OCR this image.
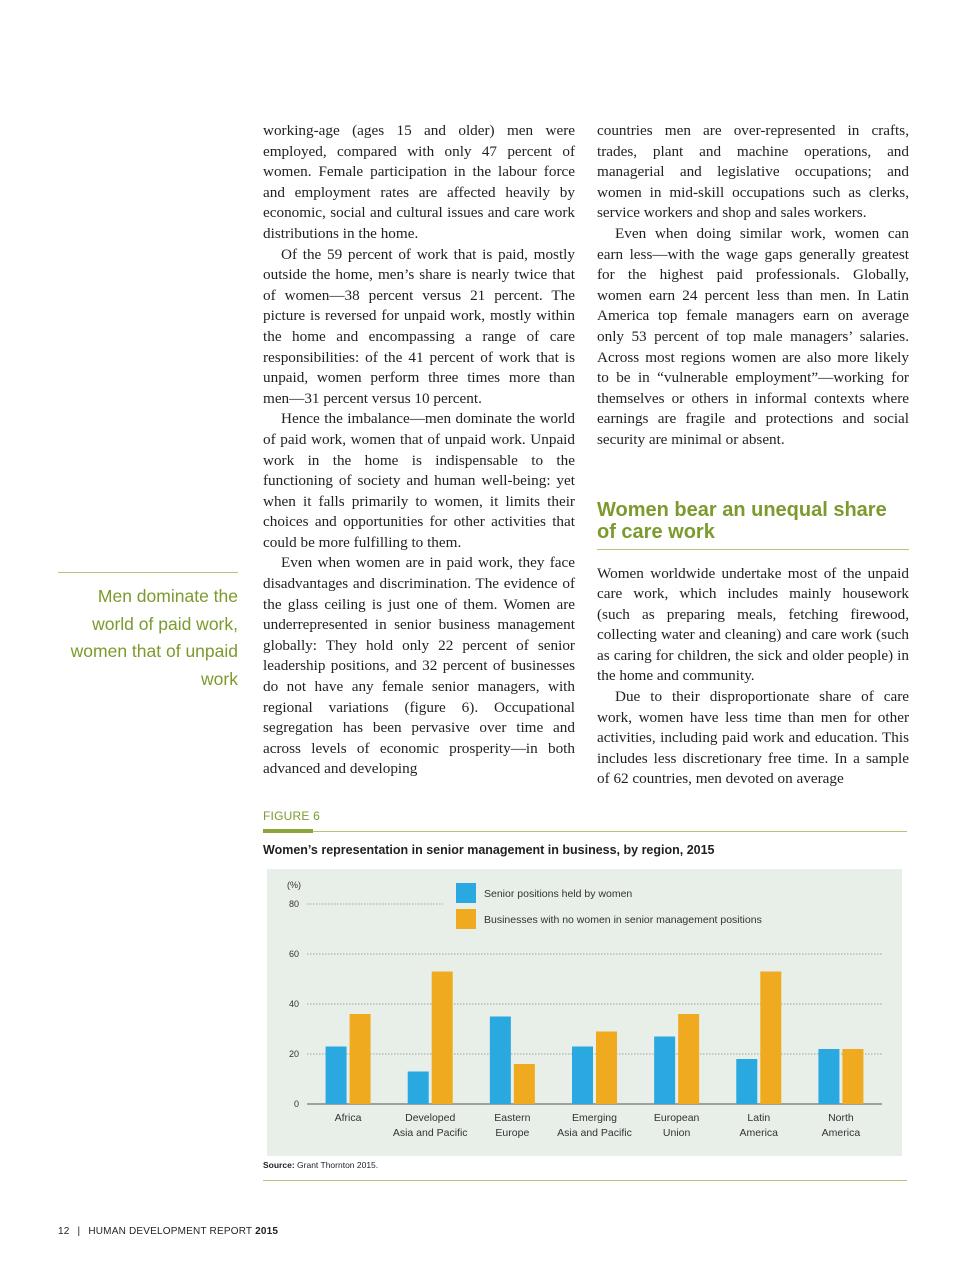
working-age (ages 15 and older) men were employed, compared with only 47 percent of women. Female participation in the labour force and employment rates are affected heavily by economic, social and cultural issues and care work distributions in the home.

Of the 59 percent of work that is paid, mostly outside the home, men’s share is nearly twice that of women—38 percent versus 21 percent. The picture is reversed for unpaid work, mostly within the home and encompassing a range of care responsibilities: of the 41 percent of work that is unpaid, women perform three times more than men—31 percent versus 10 percent.

Hence the imbalance—men dominate the world of paid work, women that of unpaid work. Unpaid work in the home is indispensable to the functioning of society and human well-being: yet when it falls primarily to women, it limits their choices and opportunities for other activities that could be more fulfilling to them.

Even when women are in paid work, they face disadvantages and discrimination. The evidence of the glass ceiling is just one of them. Women are underrepresented in senior business management globally: They hold only 22 percent of senior leadership positions, and 32 percent of businesses do not have any female senior managers, with regional variations (figure 6). Occupational segregation has been pervasive over time and across levels of economic prosperity—in both advanced and developing

countries men are over-represented in crafts, trades, plant and machine operations, and managerial and legislative occupations; and women in mid-skill occupations such as clerks, service workers and shop and sales workers.

Even when doing similar work, women can earn less—with the wage gaps generally greatest for the highest paid professionals. Globally, women earn 24 percent less than men. In Latin America top female managers earn on average only 53 percent of top male managers’ salaries. Across most regions women are also more likely to be in “vulnerable employment”—working for themselves or others in informal contexts where earnings are fragile and protections and social security are minimal or absent.

Women bear an unequal share of care work

Women worldwide undertake most of the unpaid care work, which includes mainly housework (such as preparing meals, fetching firewood, collecting water and cleaning) and care work (such as caring for children, the sick and older people) in the home and community.

Due to their disproportionate share of care work, women have less time than men for other activities, including paid work and education. This includes less discretionary free time. In a sample of 62 countries, men devoted on average

Men dominate the world of paid work, women that of unpaid work
FIGURE 6
Women’s representation in senior management in business, by region, 2015
0
20
40
60
80
(%)
Africa	Developed
Asia and Pacific
Eastern
Europe
Emerging
Asia and Pacific
European
Union
Latin
America
North
America
Senior positions held by women
Businesses with no women in senior management positions
Source: Grant Thornton 2015.
12 | HUMAN DEVELOPMENT REPORT 2015
